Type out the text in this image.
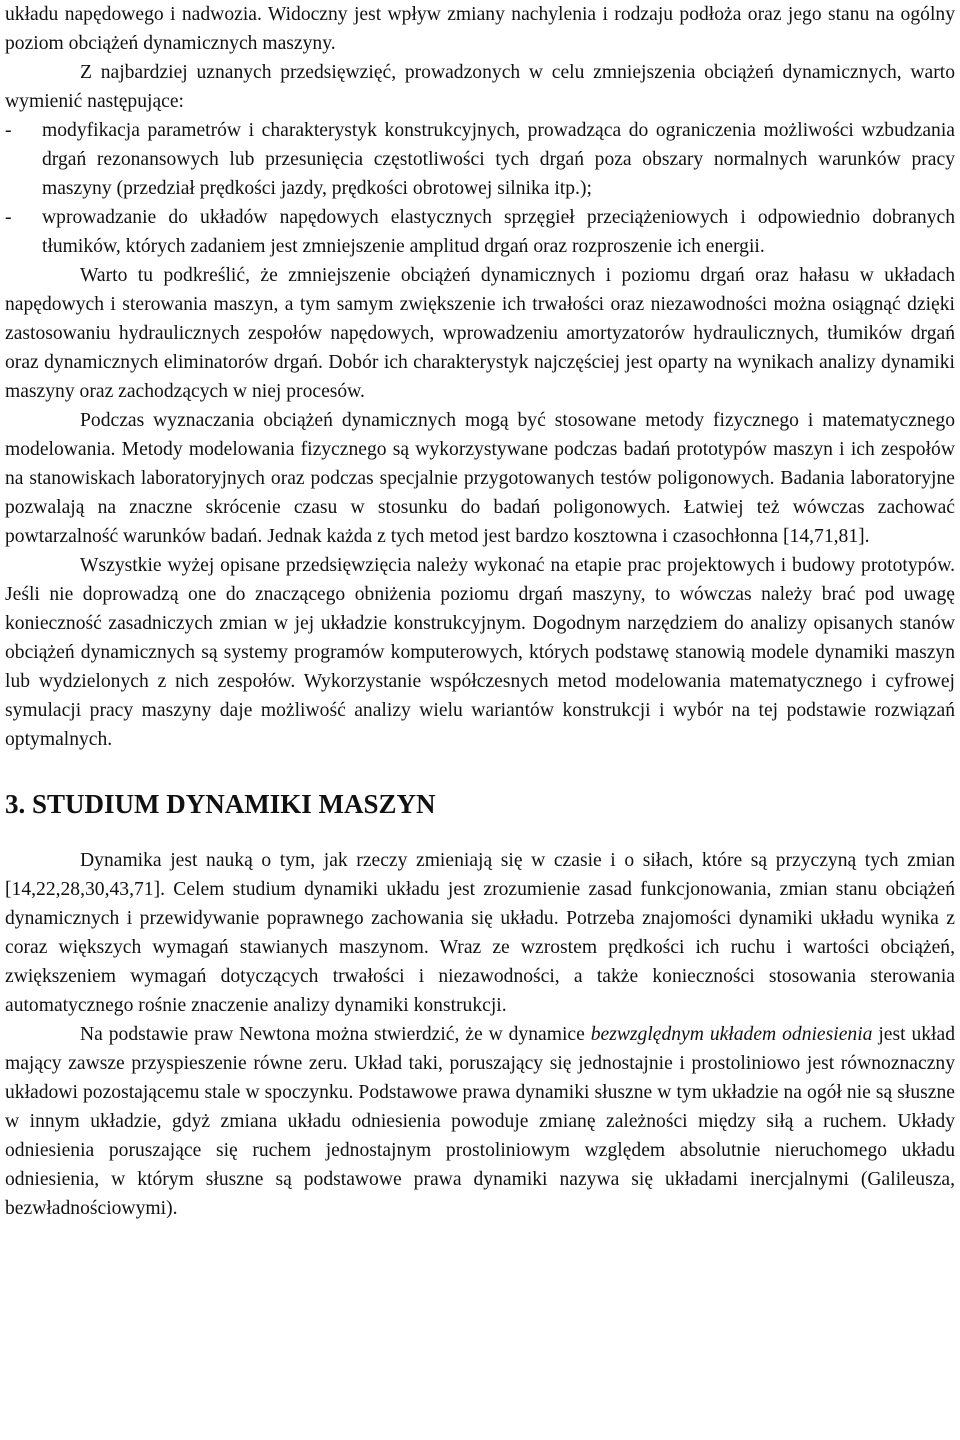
układu napędowego i nadwozia. Widoczny jest wpływ zmiany nachylenia i rodzaju podłoża oraz jego stanu na ogólny poziom obciążeń dynamicznych maszyny.

Z najbardziej uznanych przedsięwzięć, prowadzonych w celu zmniejszenia obciążeń dynamicznych, warto wymienić następujące:

- modyfikacja parametrów i charakterystyk konstrukcyjnych, prowadząca do ograniczenia możliwości wzbudzania drgań rezonansowych lub przesunięcia częstotliwości tych drgań poza obszary normalnych warunków pracy maszyny (przedział prędkości jazdy, prędkości obrotowej silnika itp.);
- wprowadzanie do układów napędowych elastycznych sprzęgieł przeciążeniowych i odpowiednio dobranych tłumików, których zadaniem jest zmniejszenie amplitud drgań oraz rozproszenie ich energii.

Warto tu podkreślić, że zmniejszenie obciążeń dynamicznych i poziomu drgań oraz hałasu w układach napędowych i sterowania maszyn, a tym samym zwiększenie ich trwałości oraz niezawodności można osiągnąć dzięki zastosowaniu hydraulicznych zespołów napędowych, wprowadzeniu amortyzatorów hydraulicznych, tłumików drgań oraz dynamicznych eliminatorów drgań. Dobór ich charakterystyk najczęściej jest oparty na wynikach analizy dynamiki maszyny oraz zachodzących w niej procesów.

Podczas wyznaczania obciążeń dynamicznych mogą być stosowane metody fizycznego i matematycznego modelowania. Metody modelowania fizycznego są wykorzystywane podczas badań prototypów maszyn i ich zespołów na stanowiskach laboratoryjnych oraz podczas specjalnie przygotowanych testów poligonowych. Badania laboratoryjne pozwalają na znaczne skrócenie czasu w stosunku do badań poligonowych. Łatwiej też wówczas zachować powtarzalność warunków badań. Jednak każda z tych metod jest bardzo kosztowna i czasochłonna [14,71,81].

Wszystkie wyżej opisane przedsięwzięcia należy wykonać na etapie prac projektowych i budowy prototypów. Jeśli nie doprowadzą one do znaczącego obniżenia poziomu drgań maszyny, to wówczas należy brać pod uwagę konieczność zasadniczych zmian w jej układzie konstrukcyjnym. Dogodnym narzędziem do analizy opisanych stanów obciążeń dynamicznych są systemy programów komputerowych, których podstawę stanowią modele dynamiki maszyn lub wydzielonych z nich zespołów. Wykorzystanie współczesnych metod modelowania matematycznego i cyfrowej symulacji pracy maszyny daje możliwość analizy wielu wariantów konstrukcji i wybór na tej podstawie rozwiązań optymalnych.

3. STUDIUM DYNAMIKI MASZYN

Dynamika jest nauką o tym, jak rzeczy zmieniają się w czasie i o siłach, które są przyczyną tych zmian [14,22,28,30,43,71]. Celem studium dynamiki układu jest zrozumienie zasad funkcjonowania, zmian stanu obciążeń dynamicznych i przewidywanie poprawnego zachowania się układu. Potrzeba znajomości dynamiki układu wynika z coraz większych wymagań stawianych maszynom. Wraz ze wzrostem prędkości ich ruchu i wartości obciążeń, zwiększeniem wymagań dotyczących trwałości i niezawodności, a także konieczności stosowania sterowania automatycznego rośnie znaczenie analizy dynamiki konstrukcji.

Na podstawie praw Newtona można stwierdzić, że w dynamice bezwzględnym układem odniesienia jest układ mający zawsze przyspieszenie równe zeru. Układ taki, poruszający się jednostajnie i prostoliniowo jest równoznaczny układowi pozostającemu stale w spoczynku. Podstawowe prawa dynamiki słuszne w tym układzie na ogół nie są słuszne w innym układzie, gdyż zmiana układu odniesienia powoduje zmianę zależności między siłą a ruchem. Układy odniesienia poruszające się ruchem jednostajnym prostoliniowym względem absolutnie nieruchomego układu odniesienia, w którym słuszne są podstawowe prawa dynamiki nazywa się układami inercjalnymi (Galileusza, bezwładnościowymi).
